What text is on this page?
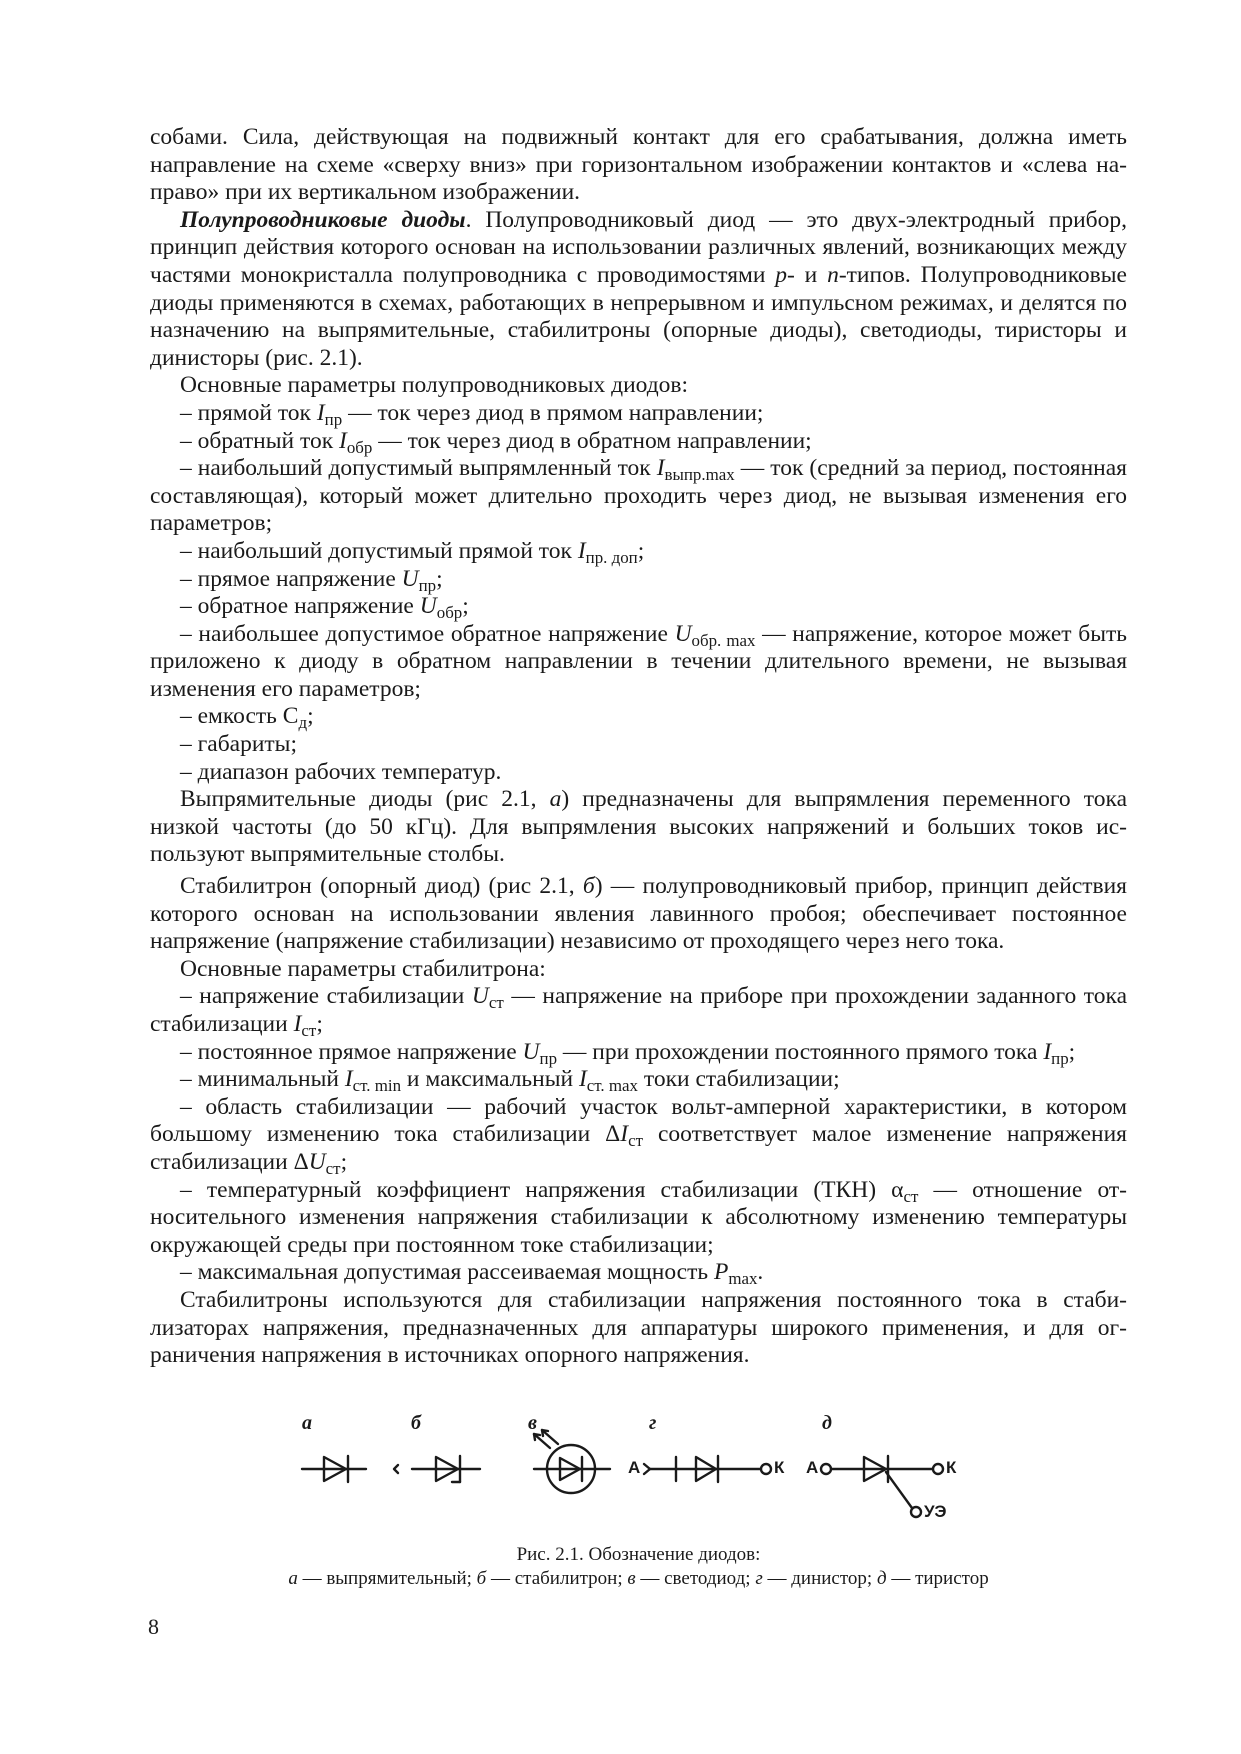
собами. Сила, действующая на подвижный контакт для его срабатывания, должна иметь направление на схеме «сверху вниз» при горизонтальном изображении контактов и «слева направо» при их вертикальном изображении.

Полупроводниковые диоды. Полупроводниковый диод — это двух-электродный прибор, принцип действия которого основан на использовании различных явлений, возникающих между частями монокристалла полупроводника с проводимостями p- и n-типов. Полупроводниковые диоды применяются в схемах, работающих в непрерывном и импульсном режимах, и делятся по назначению на выпрямительные, стабилитроны (опорные диоды), светодиоды, тиристоры и динисторы (рис. 2.1).

Основные параметры полупроводниковых диодов:

– прямой ток $I_{пр}$ — ток через диод в прямом направлении;

– обратный ток $I_{обр}$ — ток через диод в обратном направлении;

– наибольший допустимый выпрямленный ток $I_{выпр.max}$ — ток (средний за период, постоянная составляющая), который может длительно проходить через диод, не вызывая изменения его параметров;

– наибольший допустимый прямой ток $I_{пр. доп}$;

– прямое напряжение $U_{пр}$;

– обратное напряжение $U_{обр}$;

– наибольшее допустимое обратное напряжение $U_{обр. max}$ — напряжение, которое может быть приложено к диоду в обратном направлении в течении длительного времени, не вызывая изменения его параметров;

– емкость $С_д$;

– габариты;

– диапазон рабочих температур.

Выпрямительные диоды (рис 2.1, а) предназначены для выпрямления переменного тока низкой частоты (до 50 кГц). Для выпрямления высоких напряжений и больших токов используют выпрямительные столбы.

Стабилитрон (опорный диод) (рис 2.1, б) — полупроводниковый прибор, принцип действия которого основан на использовании явления лавинного пробоя; обеспечивает постоянное напряжение (напряжение стабилизации) независимо от проходящего через него тока.

Основные параметры стабилитрона:

– напряжение стабилизации $U_{ст}$ — напряжение на приборе при прохождении заданного тока стабилизации $I_{ст}$;

– постоянное прямое напряжение $U_{пр}$ — при прохождении постоянного прямого тока $I_{пр}$;

– минимальный $I_{ст. min}$ и максимальный $I_{ст. max}$ токи стабилизации;

– область стабилизации — рабочий участок вольт-амперной характеристики, в котором большому изменению тока стабилизации $\Delta I_{ст}$ соответствует малое изменение напряжения стабилизации $\Delta U_{ст}$;

– температурный коэффициент напряжения стабилизации (ТКН) $\alpha_{ст}$ — отношение относительного изменения напряжения стабилизации к абсолютному изменению температуры окружающей среды при постоянном токе стабилизации;

– максимальная допустимая рассеиваемая мощность $P_{max}$.

Стабилитроны используются для стабилизации напряжения постоянного тока в стабилизаторах напряжения, предназначенных для аппаратуры широкого применения, и для ограничения напряжения в источниках опорного напряжения.

а	б	в	г	д
А	К А	К
УЭ
Рис. 2.1. Обозначение диодов:
а — выпрямительный; б — стабилитрон; в — светодиод; г — динистор; д — тиристор
8
